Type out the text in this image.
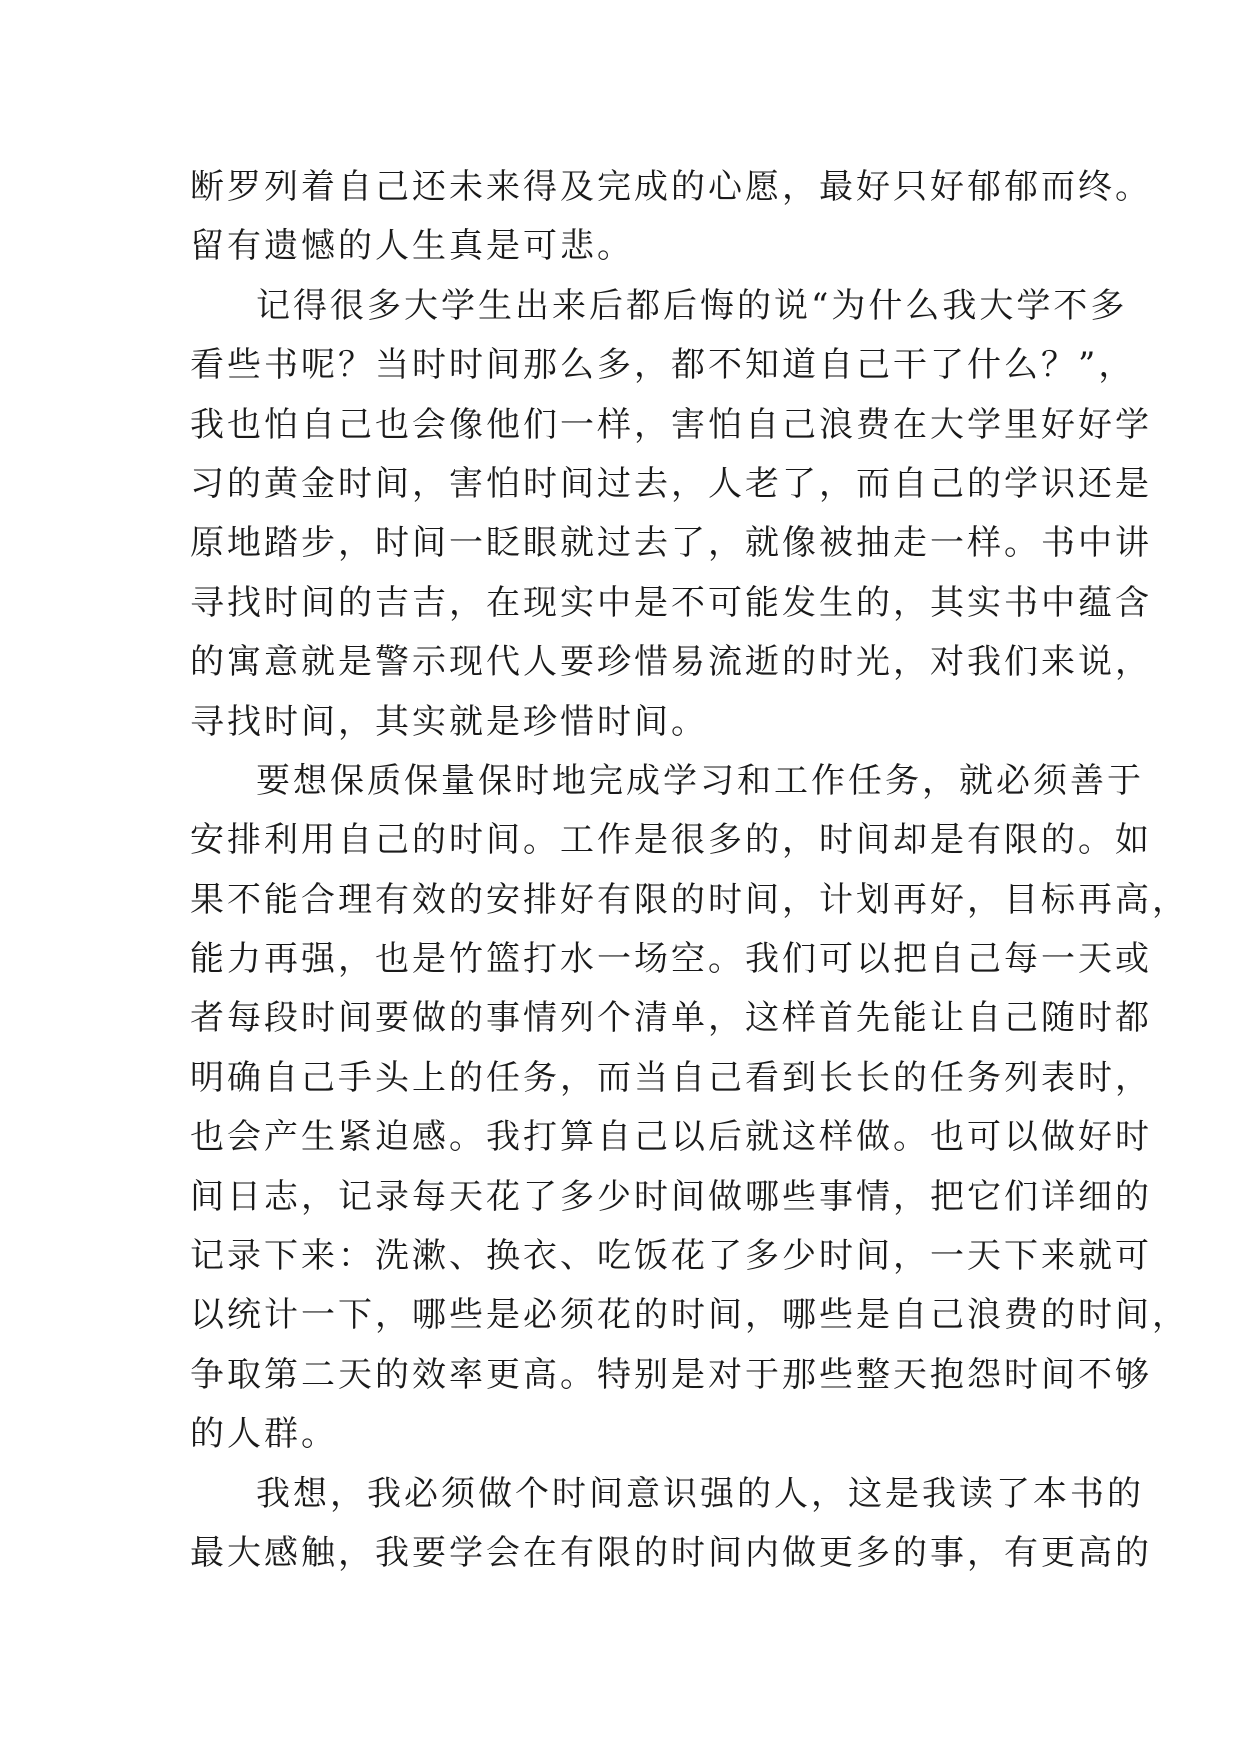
断罗列着自己还未来得及完成的心愿，最好只好郁郁而终。
留有遗憾的人生真是可悲。

记得很多大学生出来后都后悔的说“为什么我大学不多
看些书呢？当时时间那么多，都不知道自己干了什么？”，
我也怕自己也会像他们一样，害怕自己浪费在大学里好好学
习的黄金时间，害怕时间过去，人老了，而自己的学识还是
原地踏步，时间一眨眼就过去了，就像被抽走一样。书中讲
寻找时间的吉吉，在现实中是不可能发生的，其实书中蕴含
的寓意就是警示现代人要珍惜易流逝的时光，对我们来说，
寻找时间，其实就是珍惜时间。

要想保质保量保时地完成学习和工作任务，就必须善于
安排利用自己的时间。工作是很多的，时间却是有限的。如
果不能合理有效的安排好有限的时间，计划再好，目标再高，
能力再强，也是竹篮打水一场空。我们可以把自己每一天或
者每段时间要做的事情列个清单，这样首先能让自己随时都
明确自己手头上的任务，而当自己看到长长的任务列表时，
也会产生紧迫感。我打算自己以后就这样做。也可以做好时
间日志，记录每天花了多少时间做哪些事情，把它们详细的
记录下来：洗漱、换衣、吃饭花了多少时间，一天下来就可
以统计一下，哪些是必须花的时间，哪些是自己浪费的时间，
争取第二天的效率更高。特别是对于那些整天抱怨时间不够
的人群。

我想，我必须做个时间意识强的人，这是我读了本书的
最大感触，我要学会在有限的时间内做更多的事，有更高的
